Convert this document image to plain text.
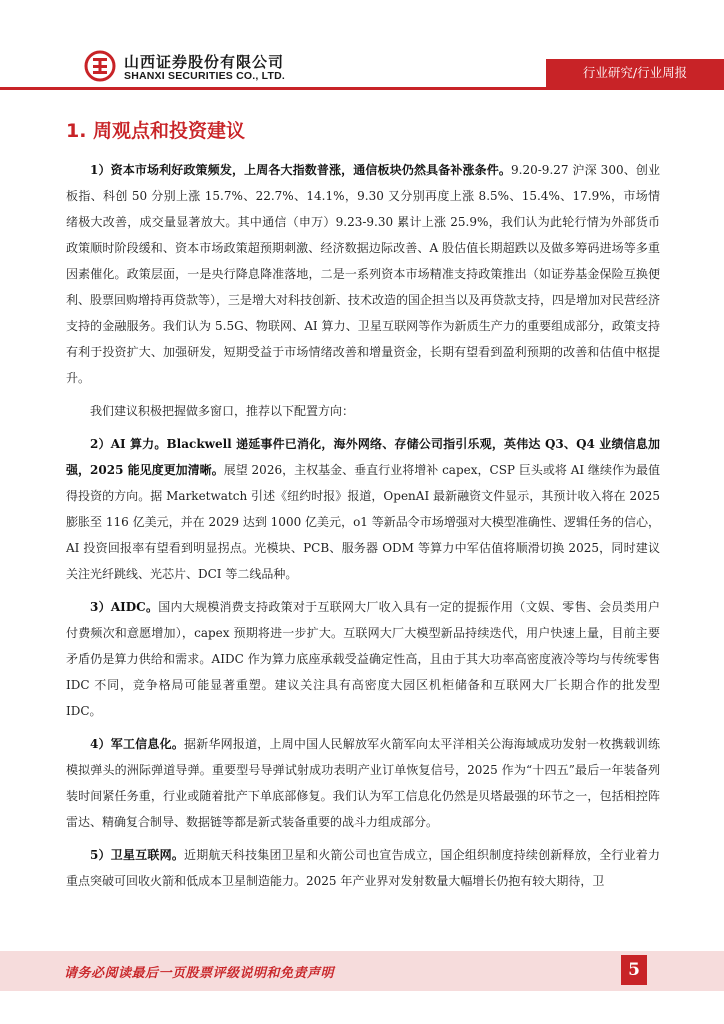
山西证券股份有限公司
SHANXI SECURITIES CO., LTD.	行业研究/行业周报
1. 周观点和投资建议

1）资本市场利好政策频发，上周各大指数普涨，通信板块仍然具备补涨条件。9.20-9.27 沪深 300、创业板指、科创 50 分别上涨 15.7%、22.7%、14.1%，9.30 又分别再度上涨 8.5%、15.4%、17.9%，市场情绪极大改善，成交量显著放大。其中通信（申万）9.23-9.30 累计上涨 25.9%，我们认为此轮行情为外部货币政策顺时阶段缓和、资本市场政策超预期刺激、经济数据边际改善、A 股估值长期超跌以及做多筹码进场等多重因素催化。政策层面，一是央行降息降准落地，二是一系列资本市场精准支持政策推出（如证券基金保险互换便利、股票回购增持再贷款等），三是增大对科技创新、技术改造的国企担当以及再贷款支持，四是增加对民营经济支持的金融服务。我们认为 5.5G、物联网、AI 算力、卫星互联网等作为新质生产力的重要组成部分，政策支持有利于投资扩大、加强研发，短期受益于市场情绪改善和增量资金，长期有望看到盈利预期的改善和估值中枢提升。

我们建议积极把握做多窗口，推荐以下配置方向：

2）AI 算力。Blackwell 递延事件已消化，海外网络、存储公司指引乐观，英伟达 Q3、Q4 业绩信息加强，2025 能见度更加清晰。展望 2026，主权基金、垂直行业将增补 capex，CSP 巨头或将 AI 继续作为最值得投资的方向。据 Marketwatch 引述《纽约时报》报道，OpenAI 最新融资文件显示，其预计收入将在 2025 膨胀至 116 亿美元，并在 2029 达到 1000 亿美元，o1 等新品令市场增强对大模型准确性、逻辑任务的信心，AI 投资回报率有望看到明显拐点。光模块、PCB、服务器 ODM 等算力中军估值将顺滑切换 2025，同时建议关注光纤跳线、光芯片、DCI 等二线品种。

3）AIDC。国内大规模消费支持政策对于互联网大厂收入具有一定的提振作用（文娱、零售、会员类用户付费频次和意愿增加），capex 预期将进一步扩大。互联网大厂大模型新品持续迭代，用户快速上量，目前主要矛盾仍是算力供给和需求。AIDC 作为算力底座承载受益确定性高，且由于其大功率高密度液冷等均与传统零售 IDC 不同，竞争格局可能显著重塑。建议关注具有高密度大园区机柜储备和互联网大厂长期合作的批发型 IDC。

4）军工信息化。据新华网报道，上周中国人民解放军火箭军向太平洋相关公海海域成功发射一枚携载训练模拟弹头的洲际弹道导弹。重要型号导弹试射成功表明产业订单恢复信号，2025 作为“十四五”最后一年装备列装时间紧任务重，行业或随着批产下单底部修复。我们认为军工信息化仍然是贝塔最强的环节之一，包括相控阵雷达、精确复合制导、数据链等都是新式装备重要的战斗力组成部分。

5）卫星互联网。近期航天科技集团卫星和火箭公司也宣告成立，国企组织制度持续创新释放，全行业着力重点突破可回收火箭和低成本卫星制造能力。2025 年产业界对发射数量大幅增长仍抱有较大期待，卫

请务必阅读最后一页股票评级说明和免责声明	5
